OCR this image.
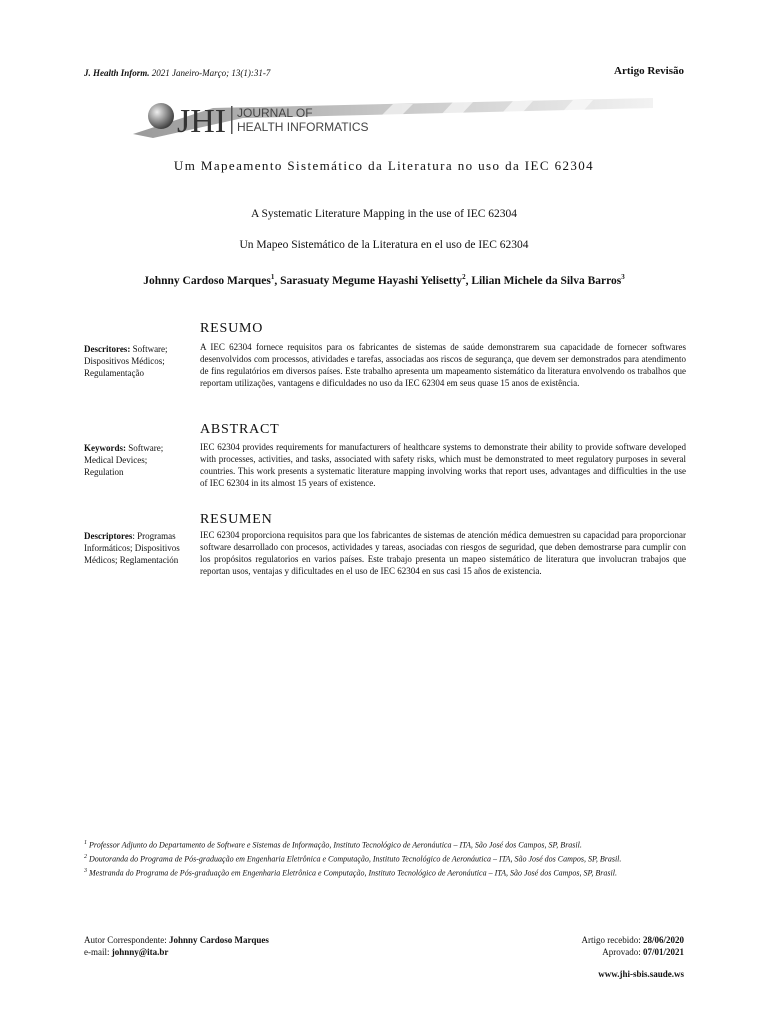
J. Health Inform. 2021 Janeiro-Março; 13(1):31-7	Artigo Revisão
JHI JOURNAL OF
HEALTH INFORMATICS
Um Mapeamento Sistemático da Literatura no uso da IEC 62304
A Systematic Literature Mapping in the use of IEC 62304
Un Mapeo Sistemático de la Literatura en el uso de IEC 62304
Johnny Cardoso Marques$^1$, Sarasuaty Megume Hayashi Yelisetty$^2$, Lilian Michele da Silva Barros$^3$
RESUMO
Descritores: Software; Dispositivos Médicos; Regulamentação
A IEC 62304 fornece requisitos para os fabricantes de sistemas de saúde demonstrarem sua capacidade de fornecer softwares desenvolvidos com processos, atividades e tarefas, associadas aos riscos de segurança, que devem ser demonstrados para atendimento de fins regulatórios em diversos países. Este trabalho apresenta um mapeamento sistemático da literatura envolvendo os trabalhos que reportam utilizações, vantagens e dificuldades no uso da IEC 62304 em seus quase 15 anos de existência.
ABSTRACT
Keywords: Software; Medical Devices; Regulation
IEC 62304 provides requirements for manufacturers of healthcare systems to demonstrate their ability to provide software developed with processes, activities, and tasks, associated with safety risks, which must be demonstrated to meet regulatory purposes in several countries. This work presents a systematic literature mapping involving works that report uses, advantages and difficulties in the use of IEC 62304 in its almost 15 years of existence.
RESUMEN
Descriptores: Programas Informáticos; Dispositivos Médicos; Reglamentación
IEC 62304 proporciona requisitos para que los fabricantes de sistemas de atención médica demuestren su capacidad para proporcionar software desarrollado con procesos, actividades y tareas, asociadas con riesgos de seguridad, que deben demostrarse para cumplir con los propósitos regulatorios en varios países. Este trabajo presenta un mapeo sistemático de literatura que involucran trabajos que reportan usos, ventajas y dificultades en el uso de IEC 62304 en sus casi 15 años de existencia.

$^1$ Professor Adjunto do Departamento de Software e Sistemas de Informação, Instituto Tecnológico de Aeronáutica – ITA, São José dos Campos, SP, Brasil.

$^2$ Doutoranda do Programa de Pós-graduação em Engenharia Eletrônica e Computação, Instituto Tecnológico de Aeronáutica – ITA, São José dos Campos, SP, Brasil.

$^3$ Mestranda do Programa de Pós-graduação em Engenharia Eletrônica e Computação, Instituto Tecnológico de Aeronáutica – ITA, São José dos Campos, SP, Brasil.

Autor Correspondente: Johnny Cardoso Marques
e-mail: johnny@ita.br
Artigo recebido: 28/06/2020
Aprovado: 07/01/2021
www.jhi-sbis.saude.ws
